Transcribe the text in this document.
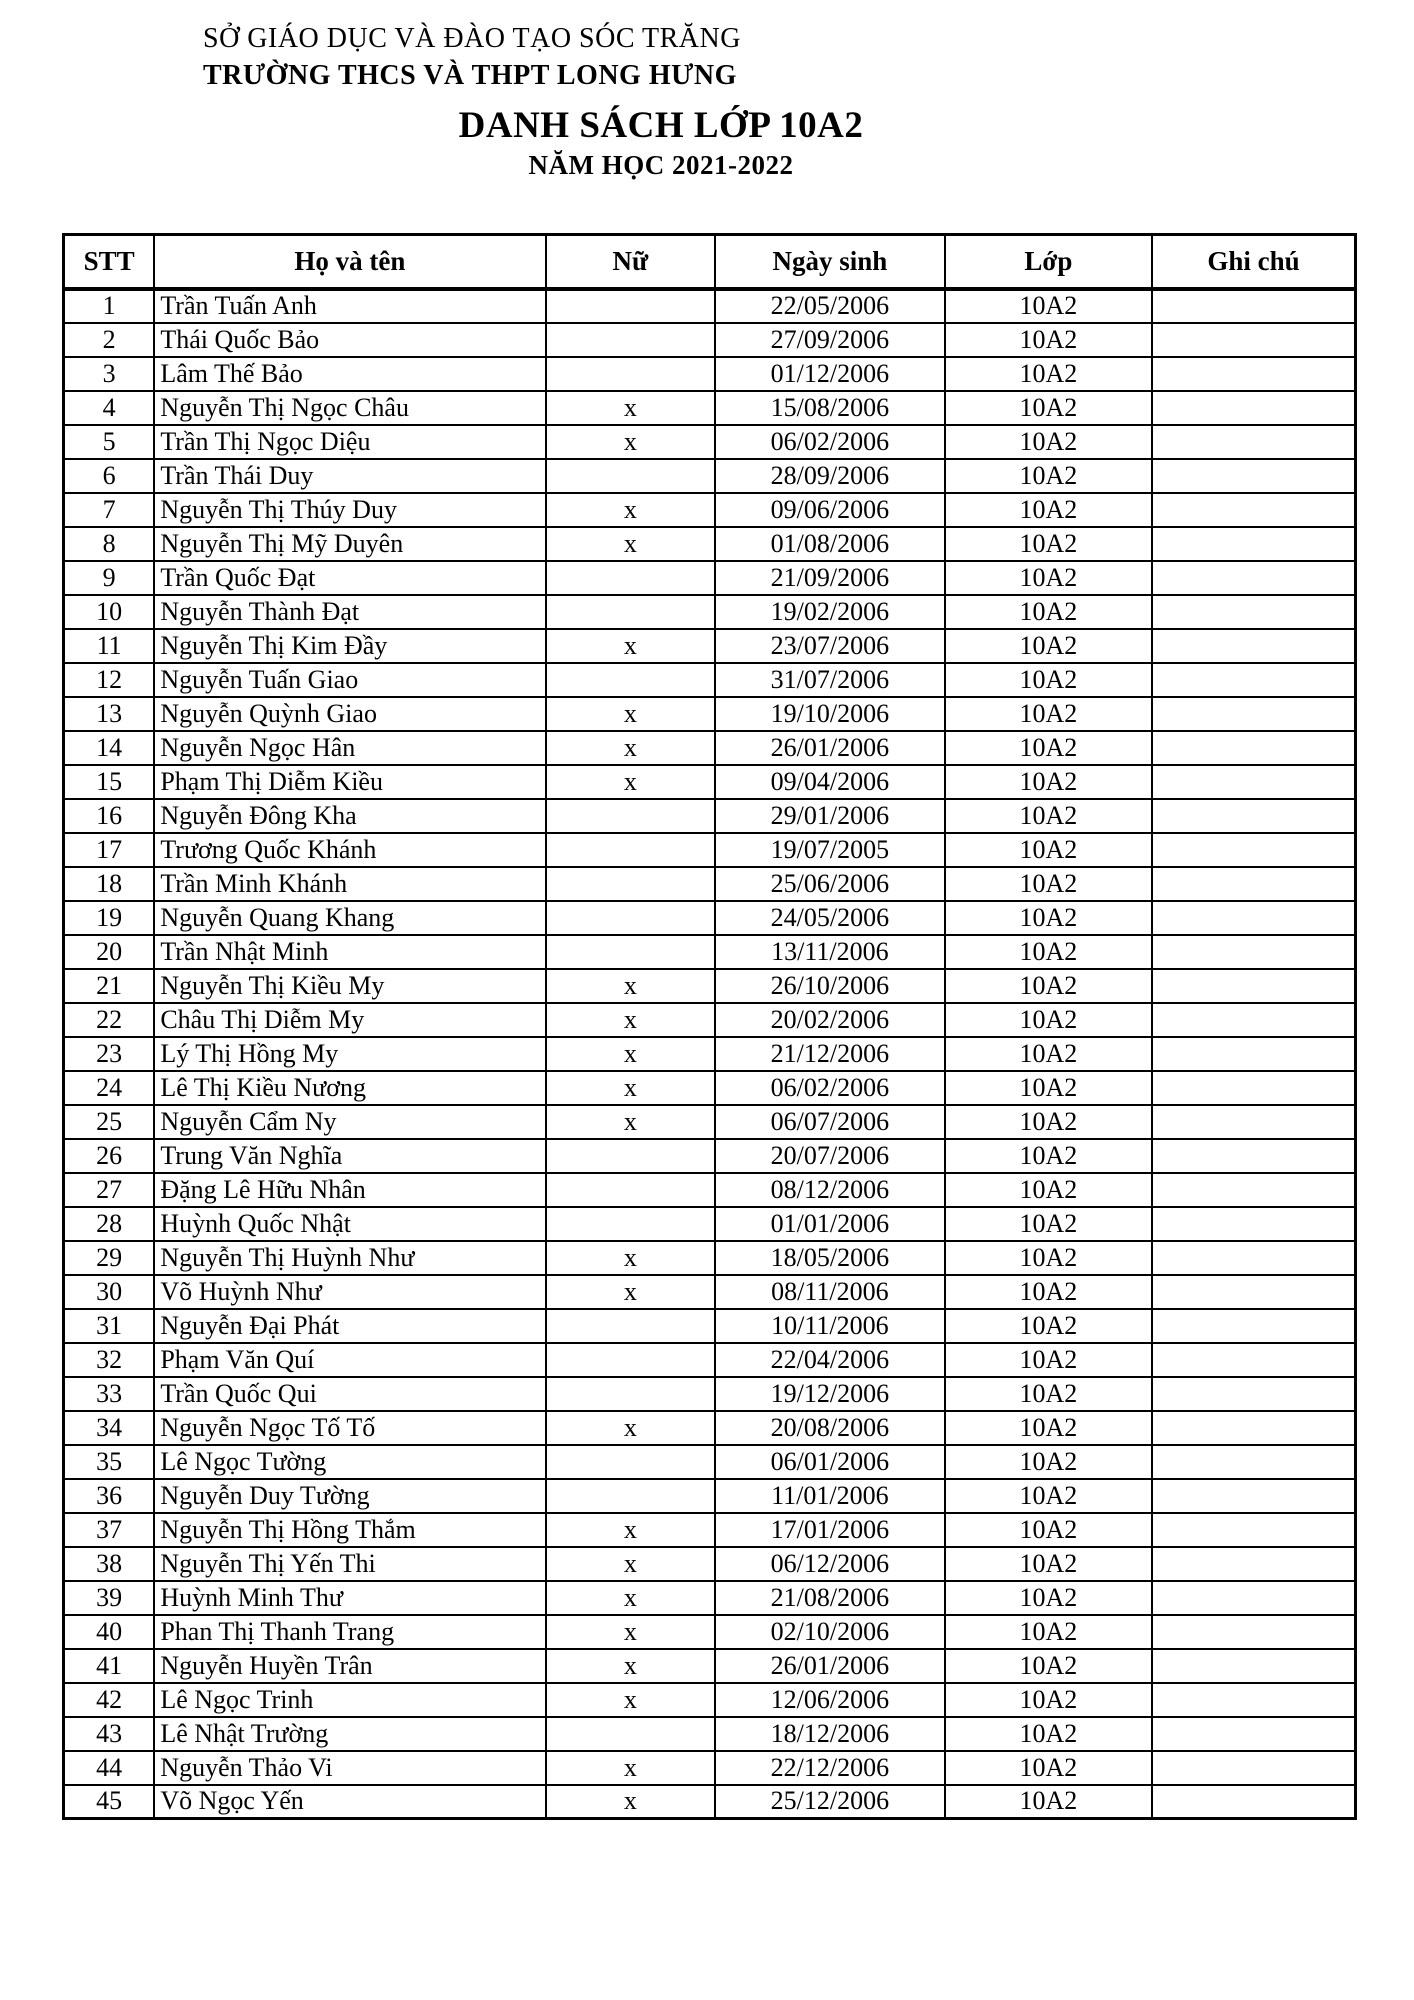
SỞ GIÁO DỤC VÀ ĐÀO TẠO SÓC TRĂNG
TRƯỜNG THCS VÀ THPT LONG HƯNG
DANH SÁCH LỚP 10A2
NĂM HỌC 2021-2022
STT	Họ và tên	Nữ	Ngày sinh	Lớp	Ghi chú
1	Trần Tuấn Anh		22/05/2006	10A2	
2	Thái Quốc Bảo		27/09/2006	10A2	
3	Lâm Thế Bảo		01/12/2006	10A2	
4	Nguyễn Thị Ngọc Châu	x	15/08/2006	10A2	
5	Trần Thị Ngọc Diệu	x	06/02/2006	10A2	
6	Trần Thái Duy		28/09/2006	10A2	
7	Nguyễn Thị Thúy Duy	x	09/06/2006	10A2	
8	Nguyễn Thị Mỹ Duyên	x	01/08/2006	10A2	
9	Trần Quốc Đạt		21/09/2006	10A2	
10	Nguyễn Thành Đạt		19/02/2006	10A2	
11	Nguyễn Thị Kim Đầy	x	23/07/2006	10A2	
12	Nguyễn Tuấn Giao		31/07/2006	10A2	
13	Nguyễn Quỳnh Giao	x	19/10/2006	10A2	
14	Nguyễn Ngọc Hân	x	26/01/2006	10A2	
15	Phạm Thị Diễm Kiều	x	09/04/2006	10A2	
16	Nguyễn Đông Kha		29/01/2006	10A2	
17	Trương Quốc Khánh		19/07/2005	10A2	
18	Trần Minh Khánh		25/06/2006	10A2	
19	Nguyễn Quang Khang		24/05/2006	10A2	
20	Trần Nhật Minh		13/11/2006	10A2	
21	Nguyễn Thị Kiều My	x	26/10/2006	10A2	
22	Châu Thị Diễm My	x	20/02/2006	10A2	
23	Lý Thị Hồng My	x	21/12/2006	10A2	
24	Lê Thị Kiều Nương	x	06/02/2006	10A2	
25	Nguyễn Cẩm Ny	x	06/07/2006	10A2	
26	Trung Văn Nghĩa		20/07/2006	10A2	
27	Đặng Lê Hữu Nhân		08/12/2006	10A2	
28	Huỳnh Quốc Nhật		01/01/2006	10A2	
29	Nguyễn Thị Huỳnh Như	x	18/05/2006	10A2	
30	Võ Huỳnh Như	x	08/11/2006	10A2	
31	Nguyễn Đại Phát		10/11/2006	10A2	
32	Phạm Văn Quí		22/04/2006	10A2	
33	Trần Quốc Qui		19/12/2006	10A2	
34	Nguyễn Ngọc Tố Tố	x	20/08/2006	10A2	
35	Lê Ngọc Tường		06/01/2006	10A2	
36	Nguyễn Duy Tường		11/01/2006	10A2	
37	Nguyễn Thị Hồng Thắm	x	17/01/2006	10A2	
38	Nguyễn Thị Yến Thi	x	06/12/2006	10A2	
39	Huỳnh Minh Thư	x	21/08/2006	10A2	
40	Phan Thị Thanh Trang	x	02/10/2006	10A2	
41	Nguyễn Huyền Trân	x	26/01/2006	10A2	
42	Lê Ngọc Trinh	x	12/06/2006	10A2	
43	Lê Nhật Trường		18/12/2006	10A2	
44	Nguyễn Thảo Vi	x	22/12/2006	10A2	
45	Võ Ngọc Yến	x	25/12/2006	10A2	
